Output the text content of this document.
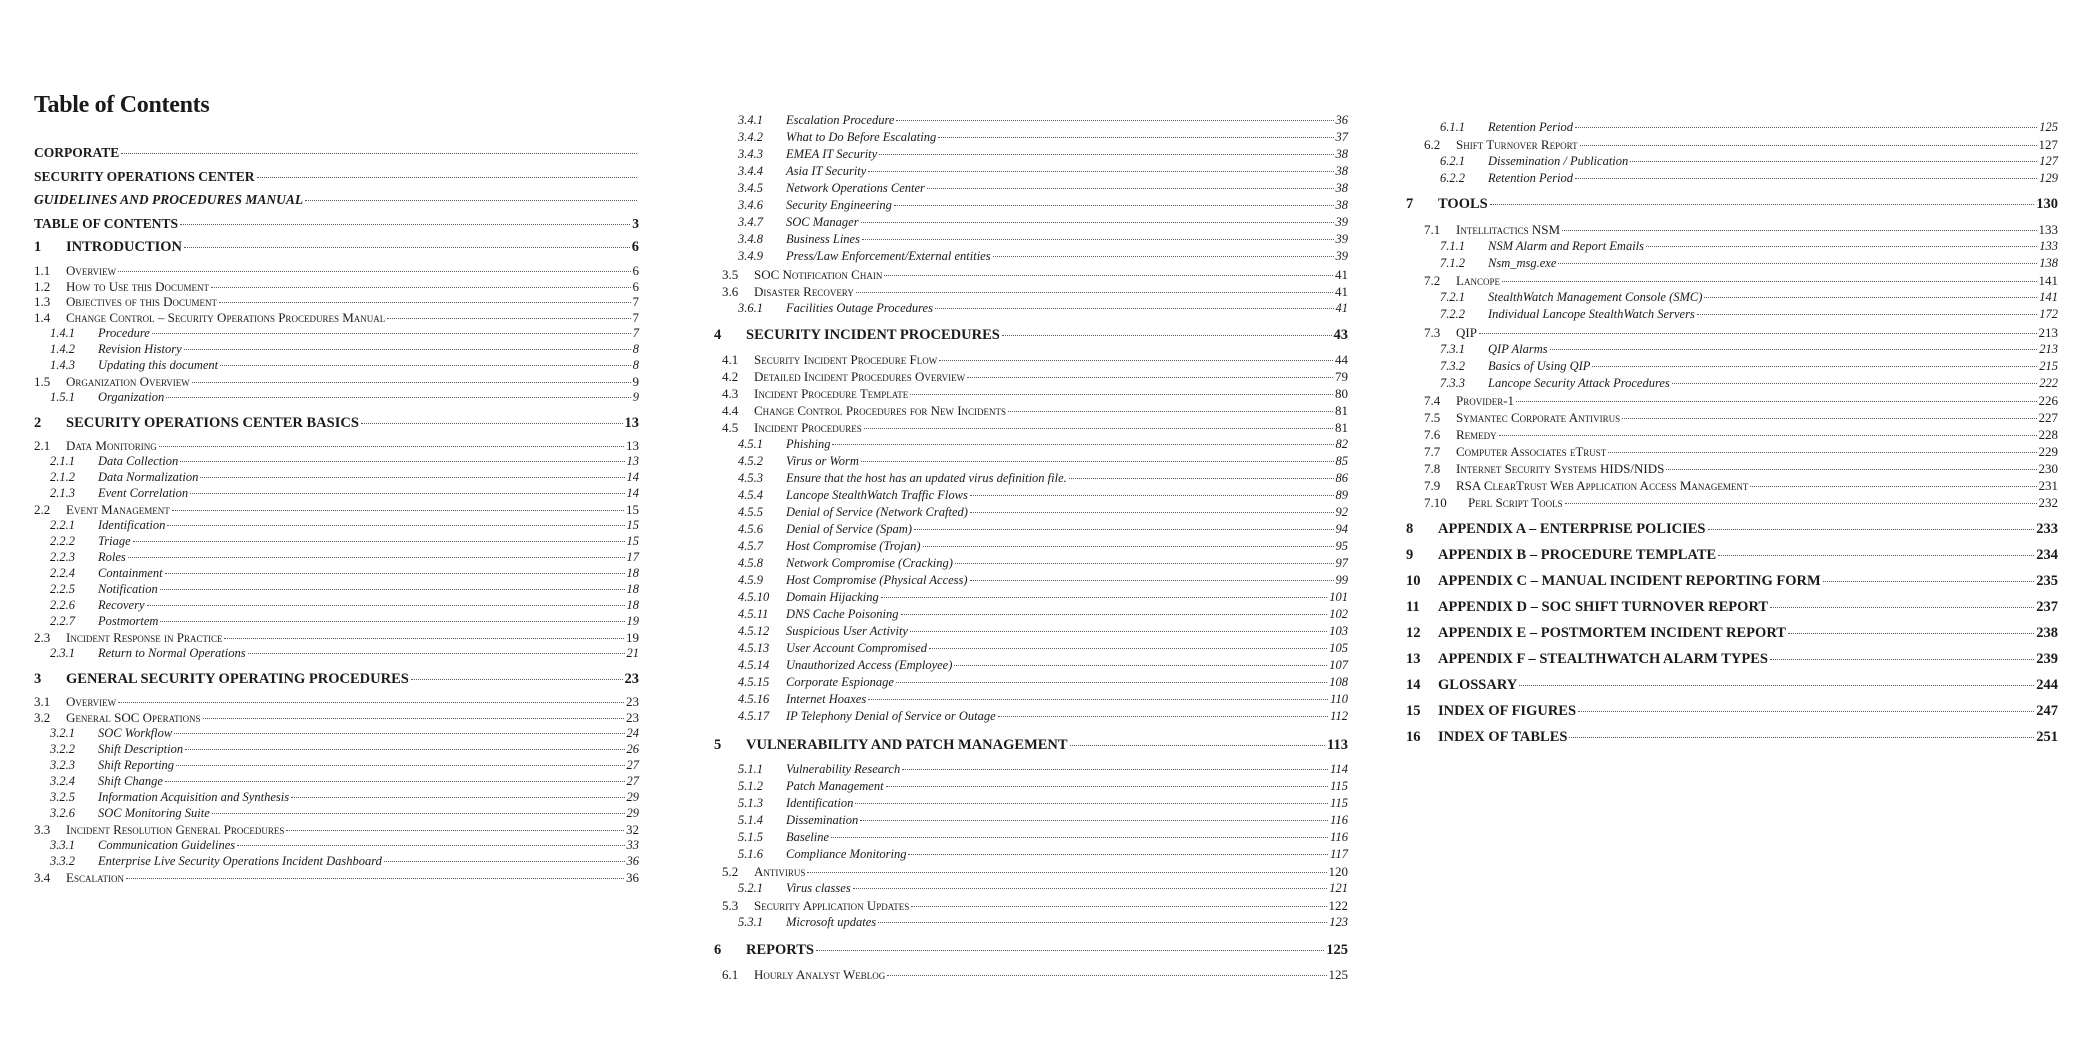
Table of Contents
CORPORATE
SECURITY OPERATIONS CENTER
GUIDELINES AND PROCEDURES MANUAL
TABLE OF CONTENTS	3
1	INTRODUCTION	6
1.1	Overview	6
1.2	How to Use this Document	6
1.3	Objectives of this Document	7
1.4	Change Control – Security Operations Procedures Manual	7
1.4.1	Procedure	7
1.4.2	Revision History	8
1.4.3	Updating this document	8
1.5	Organization Overview	9
1.5.1	Organization	9
2	SECURITY OPERATIONS CENTER BASICS	13
2.1	Data Monitoring	13
2.1.1	Data Collection	13
2.1.2	Data Normalization	14
2.1.3	Event Correlation	14
2.2	Event Management	15
2.2.1	Identification	15
2.2.2	Triage	15
2.2.3	Roles	17
2.2.4	Containment	18
2.2.5	Notification	18
2.2.6	Recovery	18
2.2.7	Postmortem	19
2.3	Incident Response in Practice	19
2.3.1	Return to Normal Operations	21
3	GENERAL SECURITY OPERATING PROCEDURES	23
3.1	Overview	23
3.2	General SOC Operations	23
3.2.1	SOC Workflow	24
3.2.2	Shift Description	26
3.2.3	Shift Reporting	27
3.2.4	Shift Change	27
3.2.5	Information Acquisition and Synthesis	29
3.2.6	SOC Monitoring Suite	29
3.3	Incident Resolution General Procedures	32
3.3.1	Communication Guidelines	33
3.3.2	Enterprise Live Security Operations Incident Dashboard	36
3.4	Escalation	36
3.4.1	Escalation Procedure	36
3.4.2	What to Do Before Escalating	37
3.4.3	EMEA IT Security	38
3.4.4	Asia IT Security	38
3.4.5	Network Operations Center	38
3.4.6	Security Engineering	38
3.4.7	SOC Manager	39
3.4.8	Business Lines	39
3.4.9	Press/Law Enforcement/External entities	39
3.5	SOC Notification Chain	41
3.6	Disaster Recovery	41
3.6.1	Facilities Outage Procedures	41
4	SECURITY INCIDENT PROCEDURES	43
4.1	Security Incident Procedure Flow	44
4.2	Detailed Incident Procedures Overview	79
4.3	Incident Procedure Template	80
4.4	Change Control Procedures for New Incidents	81
4.5	Incident Procedures	81
4.5.1	Phishing	82
4.5.2	Virus or Worm	85
4.5.3	Ensure that the host has an updated virus definition file.	86
4.5.4	Lancope StealthWatch Traffic Flows	89
4.5.5	Denial of Service (Network Crafted)	92
4.5.6	Denial of Service (Spam)	94
4.5.7	Host Compromise (Trojan)	95
4.5.8	Network Compromise (Cracking)	97
4.5.9	Host Compromise (Physical Access)	99
4.5.10	Domain Hijacking	101
4.5.11	DNS Cache Poisoning	102
4.5.12	Suspicious User Activity	103
4.5.13	User Account Compromised	105
4.5.14	Unauthorized Access (Employee)	107
4.5.15	Corporate Espionage	108
4.5.16	Internet Hoaxes	110
4.5.17	IP Telephony Denial of Service or Outage	112
5	VULNERABILITY AND PATCH MANAGEMENT	113
5.1.1	Vulnerability Research	114
5.1.2	Patch Management	115
5.1.3	Identification	115
5.1.4	Dissemination	116
5.1.5	Baseline	116
5.1.6	Compliance Monitoring	117
5.2	Antivirus	120
5.2.1	Virus classes	121
5.3	Security Application Updates	122
5.3.1	Microsoft updates	123
6	REPORTS	125
6.1	Hourly Analyst Weblog	125
6.1.1	Retention Period	125
6.2	Shift Turnover Report	127
6.2.1	Dissemination / Publication	127
6.2.2	Retention Period	129
7	TOOLS	130
7.1	Intellitactics NSM	133
7.1.1	NSM Alarm and Report Emails	133
7.1.2	Nsm_msg.exe	138
7.2	Lancope	141
7.2.1	StealthWatch Management Console (SMC)	141
7.2.2	Individual Lancope StealthWatch Servers	172
7.3	QIP	213
7.3.1	QIP Alarms	213
7.3.2	Basics of Using QIP	215
7.3.3	Lancope Security Attack Procedures	222
7.4	Provider-1	226
7.5	Symantec Corporate Antivirus	227
7.6	Remedy	228
7.7	Computer Associates eTrust	229
7.8	Internet Security Systems HIDS/NIDS	230
7.9	RSA ClearTrust Web Application Access Management	231
7.10	Perl Script Tools	232
8	APPENDIX A – ENTERPRISE POLICIES	233
9	APPENDIX B – PROCEDURE TEMPLATE	234
10	APPENDIX C – MANUAL INCIDENT REPORTING FORM	235
11	APPENDIX D – SOC SHIFT TURNOVER REPORT	237
12	APPENDIX E – POSTMORTEM INCIDENT REPORT	238
13	APPENDIX F – STEALTHWATCH ALARM TYPES	239
14	GLOSSARY	244
15	INDEX OF FIGURES	247
16	INDEX OF TABLES	251
